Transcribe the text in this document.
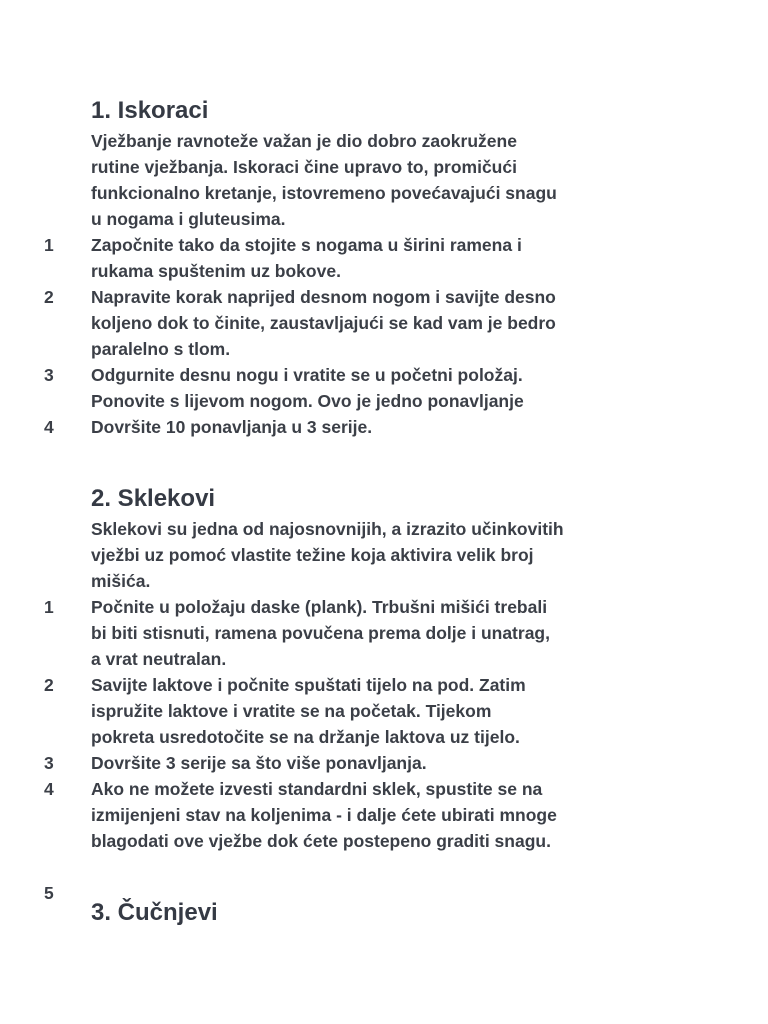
1. Iskoraci
Vježbanje ravnoteže važan je dio dobro zaokružene
rutine vježbanja. Iskoraci čine upravo to, promičući
funkcionalno kretanje, istovremeno povećavajući snagu
u nogama i gluteusima.
1 Započnite tako da stojite s nogama u širini ramena i
rukama spuštenim uz bokove.
2 Napravite korak naprijed desnom nogom i savijte desno
koljeno dok to činite, zaustavljajući se kad vam je bedro
paralelno s tlom.
3 Odgurnite desnu nogu i vratite se u početni položaj.
Ponovite s lijevom nogom. Ovo je jedno ponavljanje
4 Dovršite 10 ponavljanja u 3 serije.
2. Sklekovi
Sklekovi su jedna od najosnovnijih, a izrazito učinkovitih
vježbi uz pomoć vlastite težine koja aktivira velik broj
mišića.
1 Počnite u položaju daske (plank). Trbušni mišići trebali
bi biti stisnuti, ramena povučena prema dolje i unatrag,
a vrat neutralan.
2 Savijte laktove i počnite spuštati tijelo na pod. Zatim
ispružite laktove i vratite se na početak. Tijekom
pokreta usredotočite se na držanje laktova uz tijelo.
3 Dovršite 3 serije sa što više ponavljanja.
4 Ako ne možete izvesti standardni sklek, spustite se na
izmijenjeni stav na koljenima - i dalje ćete ubirati mnoge
blagodati ove vježbe dok ćete postepeno graditi snagu.
5
3. Čučnjevi
